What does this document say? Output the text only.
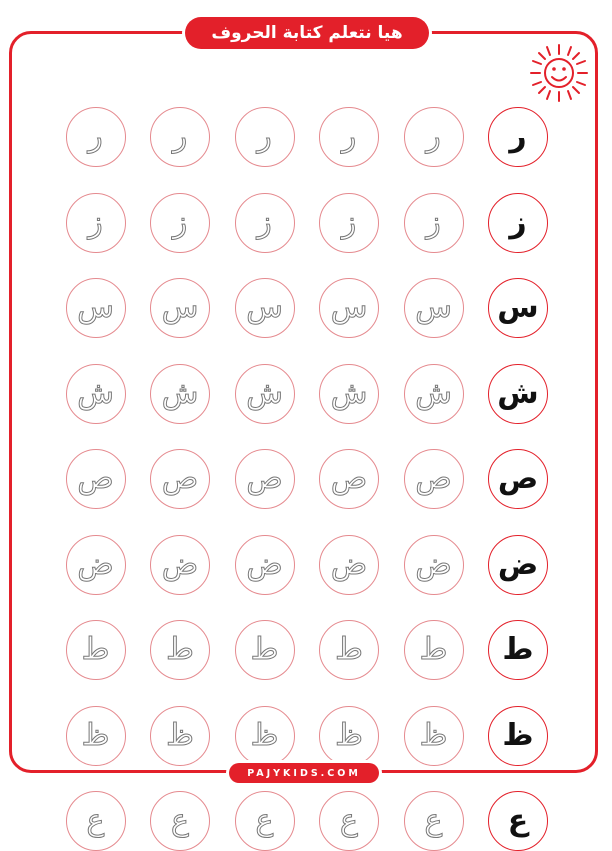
هيا نتعلم كتابة الحروف
ر
ر
ر
ر
ر
ر
ز
ز
ز
ز
ز
ز
س
س
س
س
س
س
ش
ش
ش
ش
ش
ش
ص
ص
ص
ص
ص
ص
ض
ض
ض
ض
ض
ض
ط
ط
ط
ط
ط
ط
ظ
ظ
ظ
ظ
ظ
ظ
ع
ع
ع
ع
ع
ع
PAJYKIDS.COM
